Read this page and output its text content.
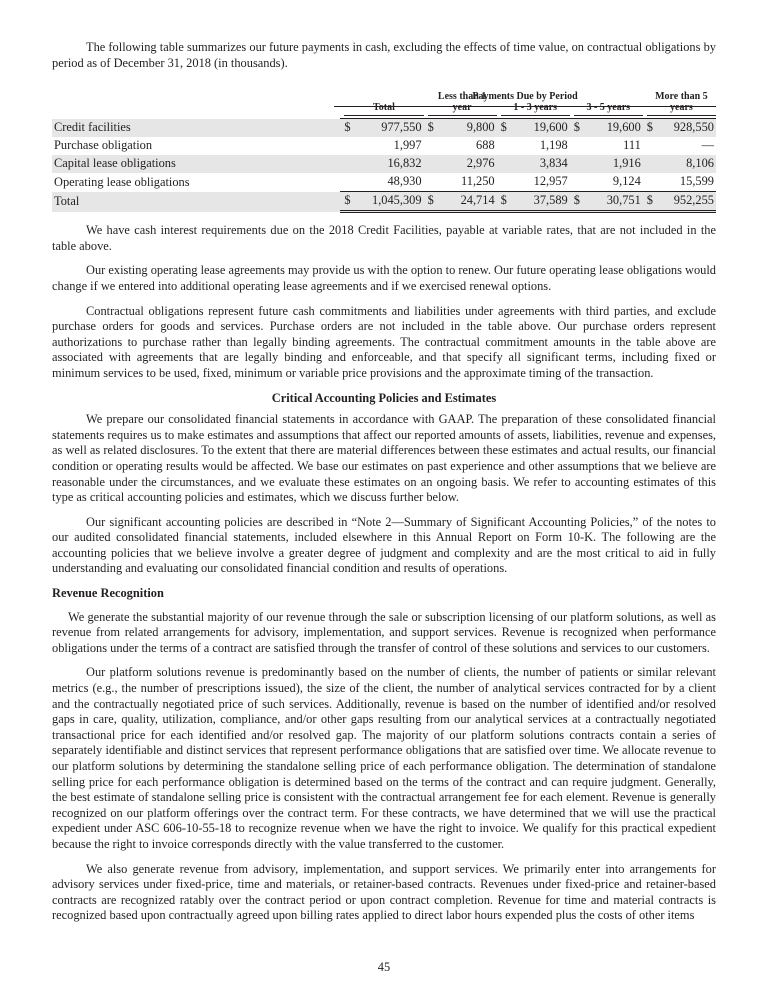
The following table summarizes our future payments in cash, excluding the effects of time value, on contractual obligations by period as of December 31, 2018 (in thousands).

Payments Due by Period

	Total		Less than 1 year		1 - 3 years		3 - 5 years		More than 5 years	

Credit facilities	$	977,550	$	9,800	$	19,600	$	19,600	$	928,550
Purchase obligation		1,997		688		1,198		111		—
Capital lease obligations		16,832		2,976		3,834		1,916		8,106
Operating lease obligations		48,930		11,250		12,957		9,124		15,599
Total	$	1,045,309	$	24,714	$	37,589	$	30,751	$	952,255

We have cash interest requirements due on the 2018 Credit Facilities, payable at variable rates, that are not included in the table above.

Our existing operating lease agreements may provide us with the option to renew. Our future operating lease obligations would change if we entered into additional operating lease agreements and if we exercised renewal options.

Contractual obligations represent future cash commitments and liabilities under agreements with third parties, and exclude purchase orders for goods and services. Purchase orders are not included in the table above. Our purchase orders represent authorizations to purchase rather than legally binding agreements. The contractual commitment amounts in the table above are associated with agreements that are legally binding and enforceable, and that specify all significant terms, including fixed or minimum services to be used, fixed, minimum or variable price provisions and the approximate timing of the transaction.

Critical Accounting Policies and Estimates

We prepare our consolidated financial statements in accordance with GAAP. The preparation of these consolidated financial statements requires us to make estimates and assumptions that affect our reported amounts of assets, liabilities, revenue and expenses, as well as related disclosures. To the extent that there are material differences between these estimates and actual results, our financial condition or operating results would be affected. We base our estimates on past experience and other assumptions that we believe are reasonable under the circumstances, and we evaluate these estimates on an ongoing basis. We refer to accounting estimates of this type as critical accounting policies and estimates, which we discuss further below.

Our significant accounting policies are described in “Note 2—Summary of Significant Accounting Policies,” of the notes to our audited consolidated financial statements, included elsewhere in this Annual Report on Form 10-K. The following are the accounting policies that we believe involve a greater degree of judgment and complexity and are the most critical to aid in fully understanding and evaluating our consolidated financial condition and results of operations.

Revenue Recognition

We generate the substantial majority of our revenue through the sale or subscription licensing of our platform solutions, as well as revenue from related arrangements for advisory, implementation, and support services. Revenue is recognized when performance obligations under the terms of a contract are satisfied through the transfer of control of these solutions and services to our customers.

Our platform solutions revenue is predominantly based on the number of clients, the number of patients or similar relevant metrics (e.g., the number of prescriptions issued), the size of the client, the number of analytical services contracted for by a client and the contractually negotiated price of such services. Additionally, revenue is based on the number of identified and/or resolved gaps in care, quality, utilization, compliance, and/or other gaps resulting from our analytical services at a contractually negotiated transactional price for each identified and/or resolved gap. The majority of our platform solutions contracts contain a series of separately identifiable and distinct services that represent performance obligations that are satisfied over time. We allocate revenue to our platform solutions by determining the standalone selling price of each performance obligation. The determination of standalone selling price for each performance obligation is determined based on the terms of the contract and can require judgment. Generally, the best estimate of standalone selling price is consistent with the contractual arrangement fee for each element. Revenue is generally recognized on our platform offerings over the contract term. For these contracts, we have determined that we will use the practical expedient under ASC 606-10-55-18 to recognize revenue when we have the right to invoice. We qualify for this practical expedient because the right to invoice corresponds directly with the value transferred to the customer.

We also generate revenue from advisory, implementation, and support services. We primarily enter into arrangements for advisory services under fixed-price, time and materials, or retainer-based contracts. Revenues under fixed-price and retainer-based contracts are recognized ratably over the contract period or upon contract completion. Revenue for time and material contracts is recognized based upon contractually agreed upon billing rates applied to direct labor hours expended plus the costs of other items

45
